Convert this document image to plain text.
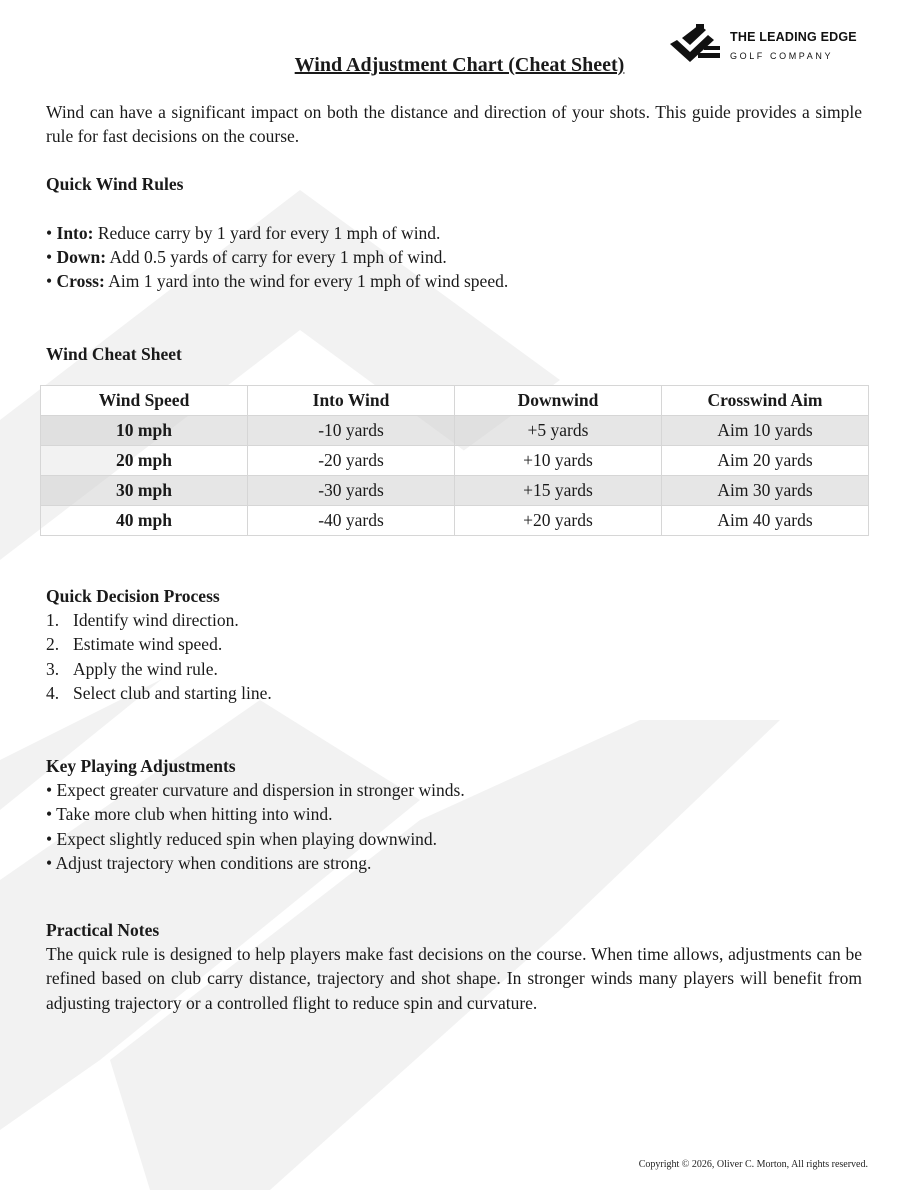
THE LEADING EDGE
GOLF COMPANY
Wind Adjustment Chart (Cheat Sheet)

Wind can have a significant impact on both the distance and direction of your shots. This guide provides a simple rule for fast decisions on the course.

Quick Wind Rules
• Into: Reduce carry by 1 yard for every 1 mph of wind.
• Down: Add 0.5 yards of carry for every 1 mph of wind.
• Cross: Aim 1 yard into the wind for every 1 mph of wind speed.
Wind Cheat Sheet
Wind Speed	Into Wind	Downwind	Crosswind Aim
10 mph	-10 yards	+5 yards	Aim 10 yards
20 mph	-20 yards	+10 yards	Aim 20 yards
30 mph	-30 yards	+15 yards	Aim 30 yards
40 mph	-40 yards	+20 yards	Aim 40 yards
Quick Decision Process
1. Identify wind direction.
2. Estimate wind speed.
3. Apply the wind rule.
4. Select club and starting line.
Key Playing Adjustments
• Expect greater curvature and dispersion in stronger winds.
• Take more club when hitting into wind.
• Expect slightly reduced spin when playing downwind.
• Adjust trajectory when conditions are strong.
Practical Notes

The quick rule is designed to help players make fast decisions on the course. When time allows, adjustments can be refined based on club carry distance, trajectory and shot shape. In stronger winds many players will benefit from adjusting trajectory or a controlled flight to reduce spin and curvature.

Copyright © 2026, Oliver C. Morton, All rights reserved.
